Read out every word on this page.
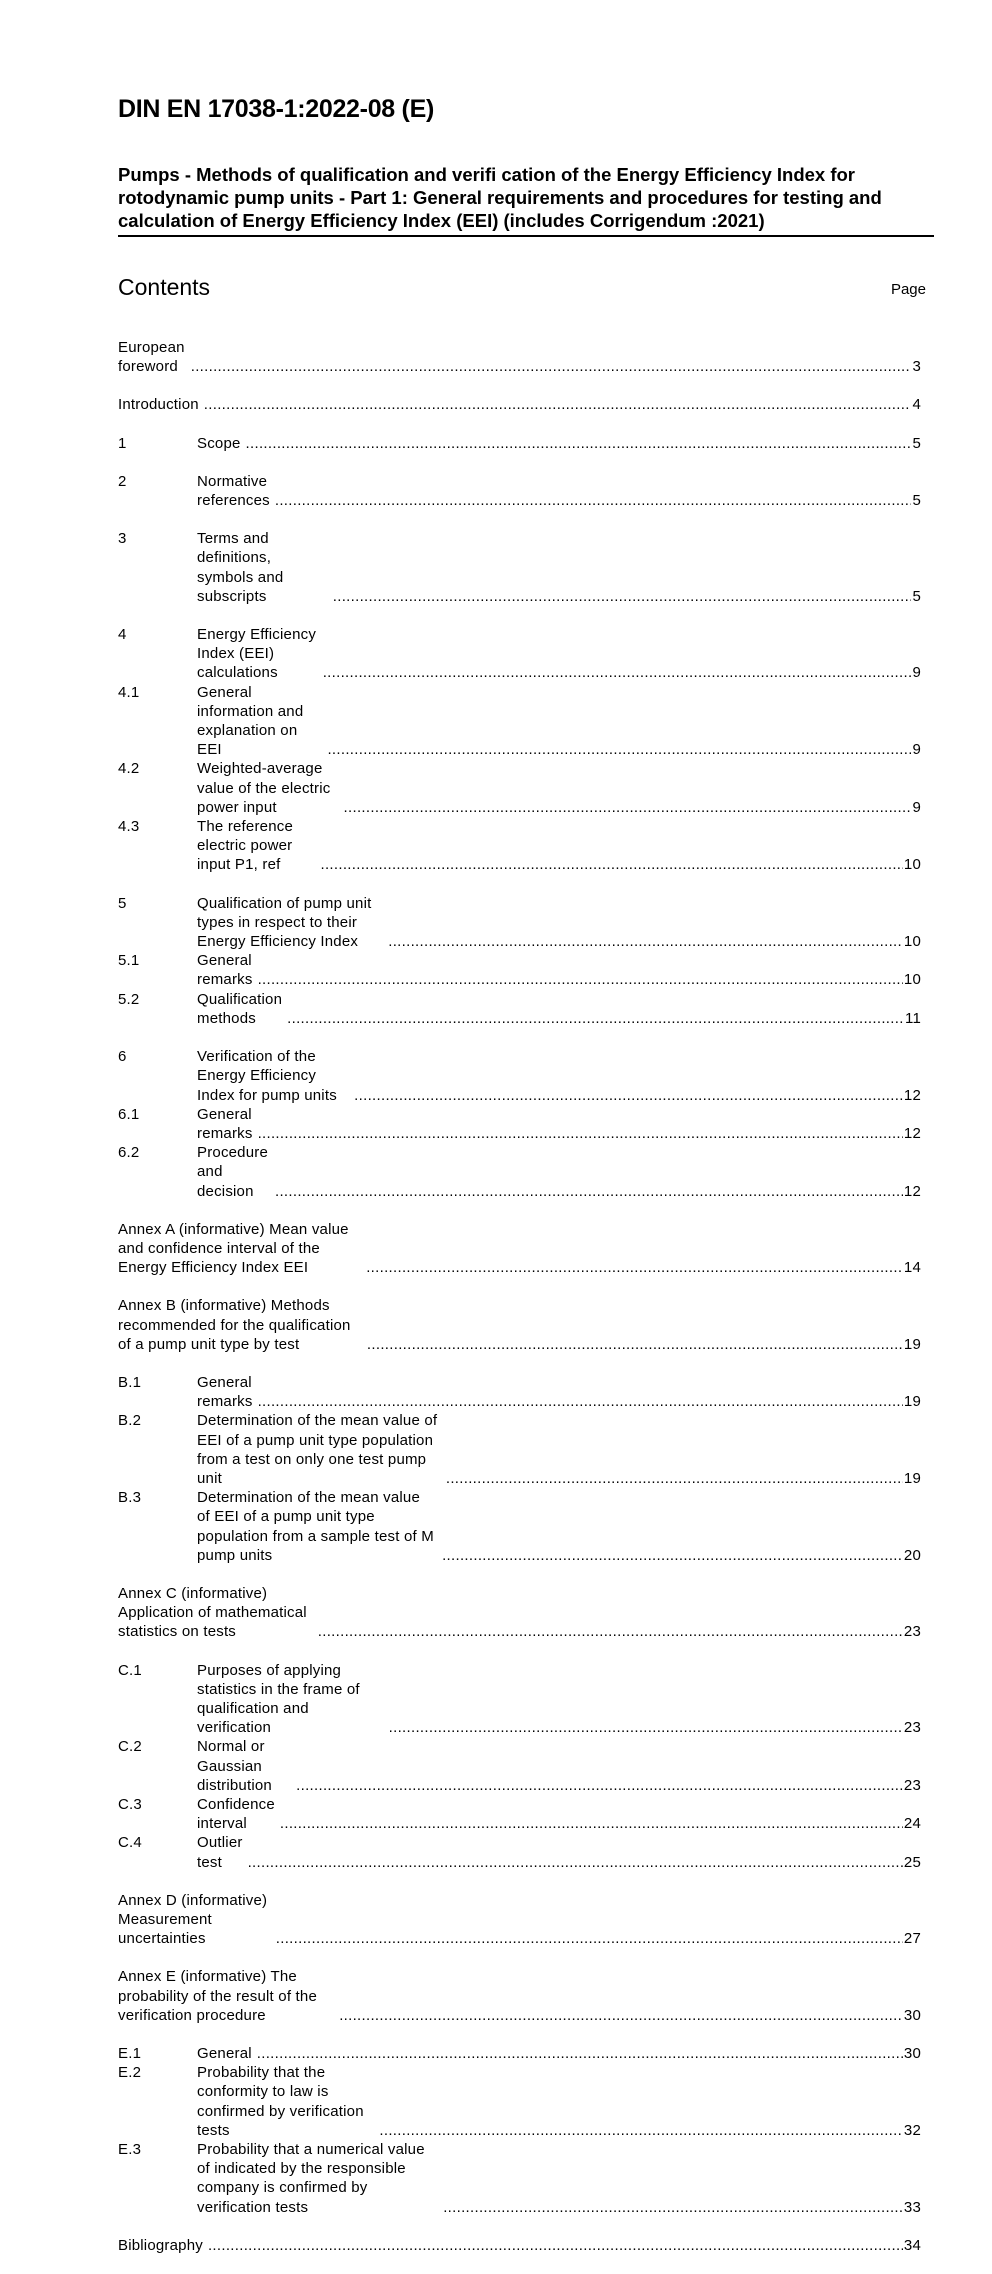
DIN EN 17038-1:2022-08 (E)
Pumps - Methods of qualification and verifi cation of the Energy Efficiency Index for rotodynamic pump units - Part 1: General requirements and procedures for testing and calculation of Energy Efficiency Index (EEI) (includes Corrigendum :2021)
Contents	Page
European foreword .....	3
Introduction .....	4
1	Scope .....	5
2	Normative references .....	5
3	Terms and definitions, symbols and subscripts .....	5
4	Energy Efficiency Index (EEI) calculations .....	9
4.1	General information and explanation on EEI .....	9
4.2	Weighted-average value of the electric power input .....	9
4.3	The reference electric power input P1, ref .....	10
5	Qualification of pump unit types in respect to their Energy Efficiency Index .....	10
5.1	General remarks .....	10
5.2	Qualification methods .....	11
6	Verification of the Energy Efficiency Index for pump units .....	12
6.1	General remarks .....	12
6.2	Procedure and decision .....	12
Annex A (informative) Mean value and confidence interval of the Energy Efficiency Index EEI .....	14
Annex B (informative) Methods recommended for the qualification of a pump unit type by test .....	19
B.1	General remarks .....	19
B.2	Determination of the mean value of EEI of a pump unit type population from a test on only one test pump unit .....	19
B.3	Determination of the mean value of EEI of a pump unit type population from a sample test of M pump units .....	20
Annex C (informative) Application of mathematical statistics on tests .....	23
C.1	Purposes of applying statistics in the frame of qualification and verification .....	23
C.2	Normal or Gaussian distribution .....	23
C.3	Confidence interval .....	24
C.4	Outlier test .....	25
Annex D (informative) Measurement uncertainties .....	27
Annex E (informative) The probability of the result of the verification procedure .....	30
E.1	General .....	30
E.2	Probability that the conformity to law is confirmed by verification tests .....	32
E.3	Probability that a numerical value of indicated by the responsible company is confirmed by verification tests .....	33
Bibliography .....	34
